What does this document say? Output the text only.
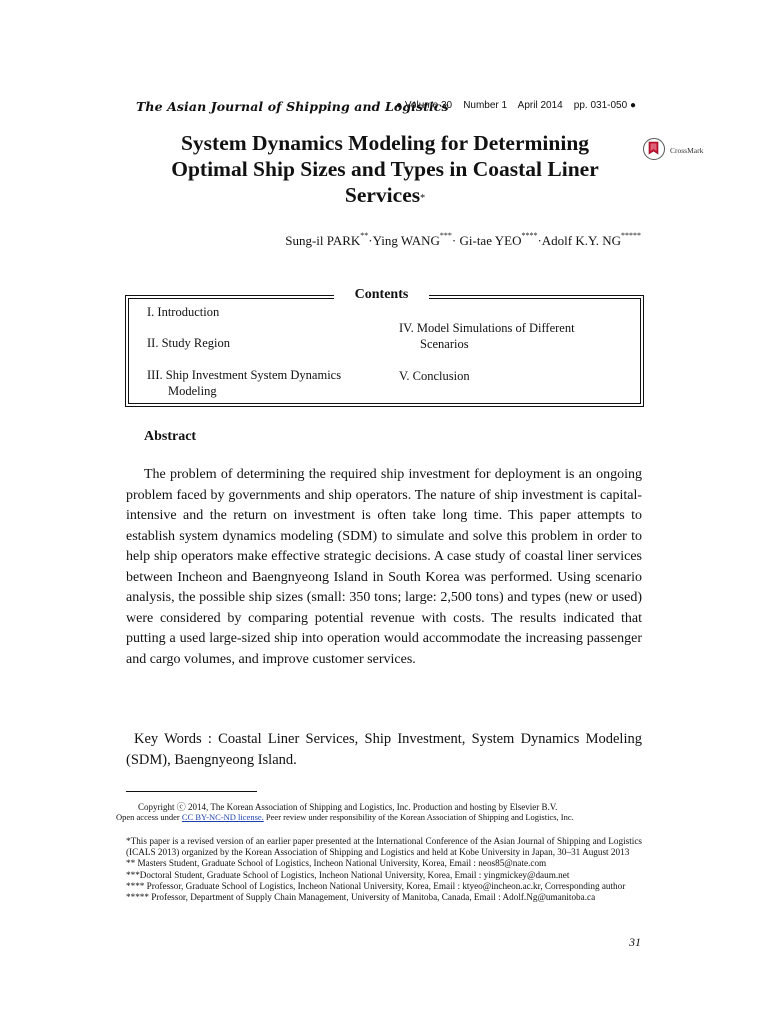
The Asian Journal of Shipping and Logistics
● Volume 30    Number 1    April 2014    pp. 031-050 ●
System Dynamics Modeling for Determining
Optimal Ship Sizes and Types in Coastal Liner
Services*
CrossMark
Sung-il PARK**·Ying WANG***· Gi-tae YEO****·Adolf K.Y. NG*****
Contents
I. Introduction
II. Study Region
III. Ship Investment System Dynamics
Modeling
IV. Model Simulations of Different
Scenarios
V. Conclusion
Abstract
The problem of determining the required ship investment for deployment is an ongoing problem faced by governments and ship operators. The nature of ship investment is capital-intensive and the return on investment is often take long time. This paper attempts to establish system dynamics modeling (SDM) to simulate and solve this problem in order to help ship operators make effective strategic decisions. A case study of coastal liner services between Incheon and Baengnyeong Island in South Korea was performed. Using scenario analysis, the possible ship sizes (small: 350 tons; large: 2,500 tons) and types (new or used) were considered by comparing potential revenue with costs. The results indicated that putting a used large-sized ship into operation would accommodate the increasing passenger and cargo volumes, and improve customer services.
Key Words : Coastal Liner Services, Ship Investment, System Dynamics Modeling (SDM), Baengnyeong Island.
Copyright ⓒ 2014, The Korean Association of Shipping and Logistics, Inc. Production and hosting by Elsevier B.V.
Open access under CC BY-NC-ND license. Peer review under responsibility of the Korean Association of Shipping and Logistics, Inc.
*This paper is a revised version of an earlier paper presented at the International Conference of the Asian Journal of Shipping and Logistics (ICALS 2013) organized by the Korean Association of Shipping and Logistics and held at Kobe University in Japan, 30–31 August 2013
** Masters Student, Graduate School of Logistics, Incheon National University, Korea, Email : neos85@nate.com
***Doctoral Student, Graduate School of Logistics, Incheon National University, Korea, Email : yingmickey@daum.net
**** Professor, Graduate School of Logistics, Incheon National University, Korea, Email : ktyeo@incheon.ac.kr, Corresponding author
***** Professor, Department of Supply Chain Management, University of Manitoba, Canada, Email : Adolf.Ng@umanitoba.ca
31
